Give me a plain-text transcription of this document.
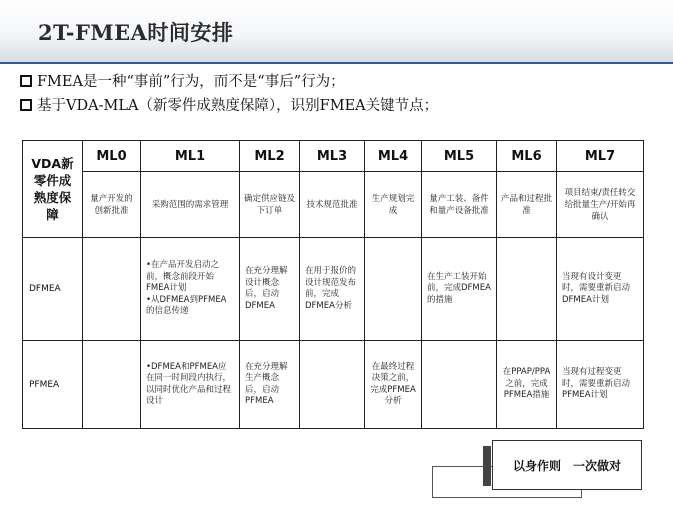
2T-FMEA时间安排
FMEA是一种“事前”行为，而不是“事后”行为；
基于VDA-MLA（新零件成熟度保障），识别FMEA关键节点；
VDA新
零件成
熟度保
障	ML0	ML1	ML2	ML3	ML4	ML5	ML6	ML7
	量产开发的创新批准	采购范围的需求管理	确定供应链及下订单	技术规范批准	生产规划完成	量产工装、备件和量产设备批准	产品和过程批准	项目结束/责任转交给批量生产/开始再确认
DFMEA		•在产品开发启动之前，概念前段开始FMEA计划
•从DFMEA到PFMEA的信息传递	在充分理解设计概念后，启动DFMEA	在用于报价的设计规范发布前，完成DFMEA分析		在生产工装开始前，完成DFMEA的措施		当现有设计变更时，需要重新启动DFMEA计划

PFMEA		•DFMEA和PFMEA应在同一时间段内执行，以同时优化产品和过程设计	在充分理解生产概念后，启动PFMEA		在最终过程决策之前，完成PFMEA分析		在PPAP/PPA之前，完成PFMEA措施	当现有过程变更时，需要重新启动PFMEA计划
以身作则　一次做对
